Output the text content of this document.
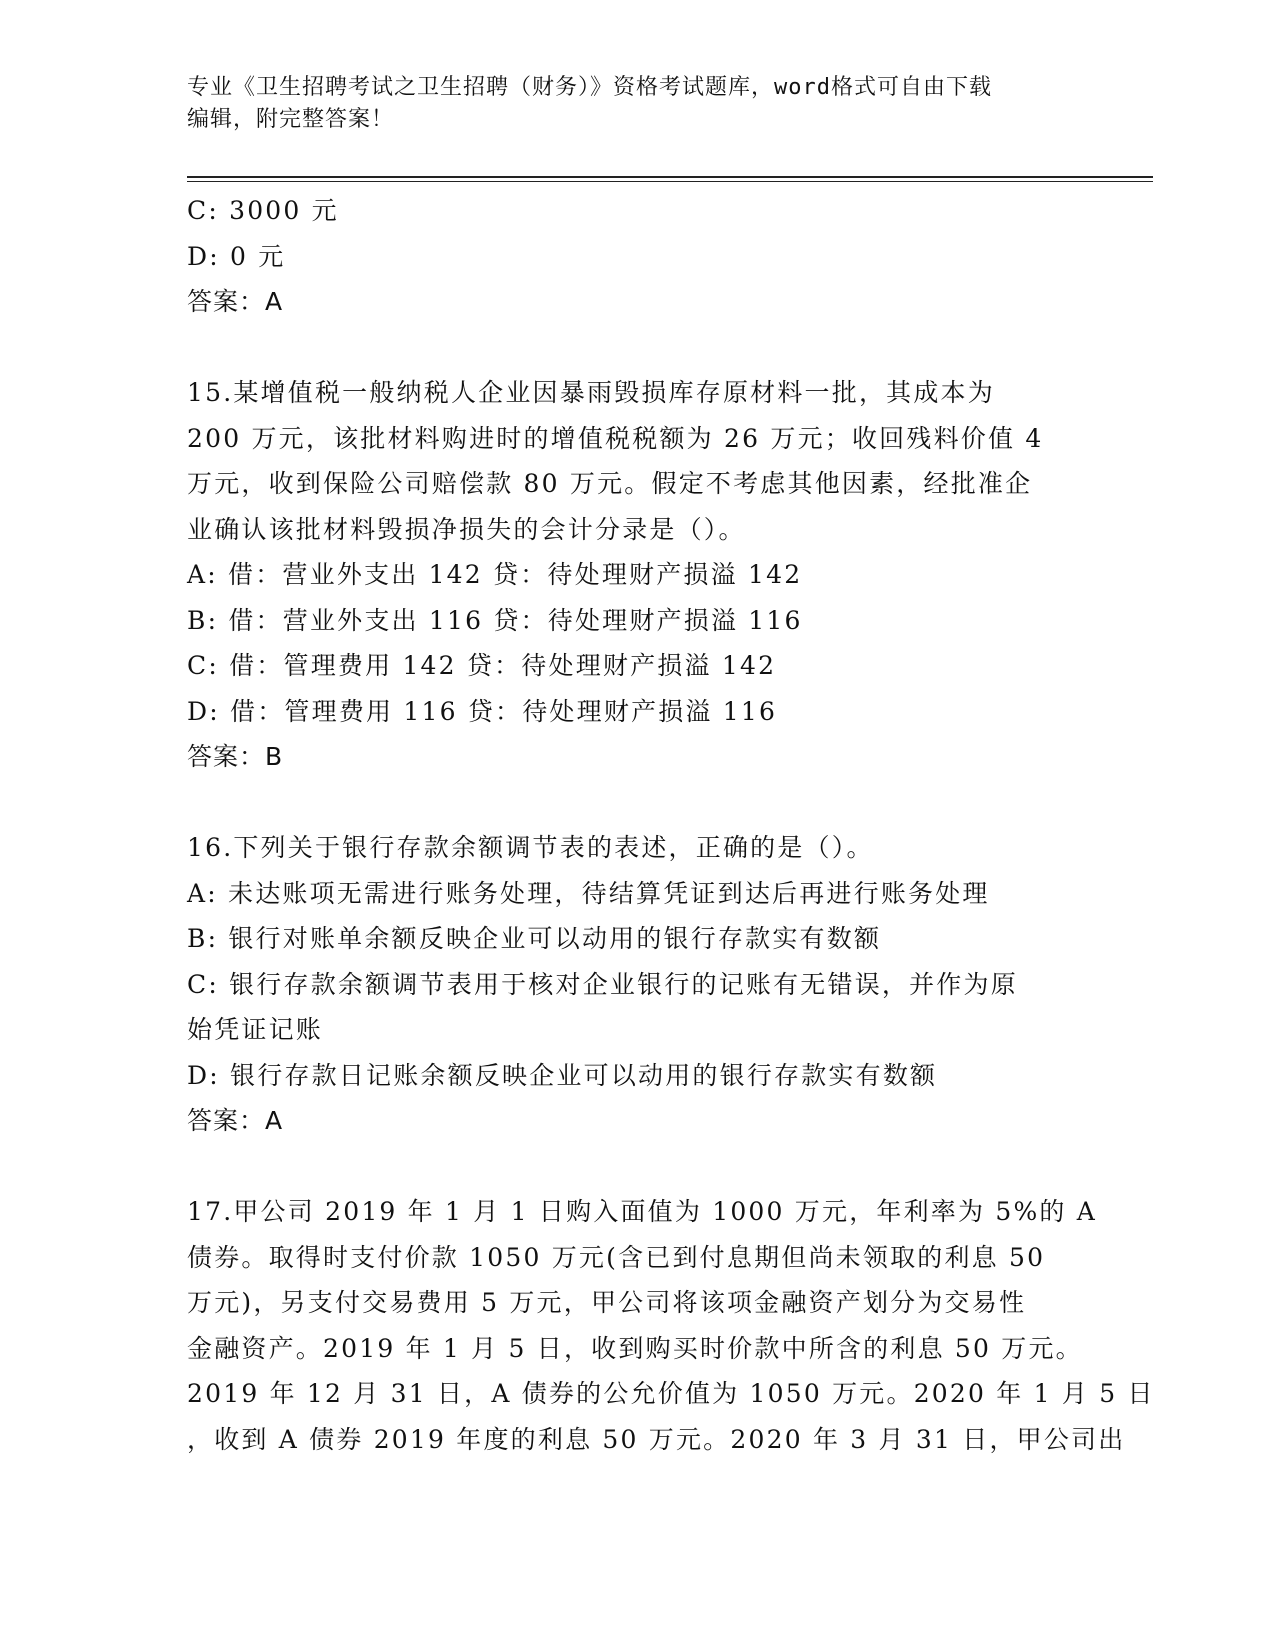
专业《卫生招聘考试之卫生招聘（财务）》资格考试题库，word格式可自由下载
编辑，附完整答案！
C: 3000 元
D: 0 元
答案：A
15.某增值税一般纳税人企业因暴雨毁损库存原材料一批，其成本为
200 万元，该批材料购进时的增值税税额为 26 万元；收回残料价值 4
万元，收到保险公司赔偿款 80 万元。假定不考虑其他因素，经批准企
业确认该批材料毁损净损失的会计分录是（）。
A: 借：营业外支出 142 贷：待处理财产损溢 142
B: 借：营业外支出 116 贷：待处理财产损溢 116
C: 借：管理费用 142 贷：待处理财产损溢 142
D: 借：管理费用 116 贷：待处理财产损溢 116
答案：B
16.下列关于银行存款余额调节表的表述，正确的是（）。
A: 未达账项无需进行账务处理，待结算凭证到达后再进行账务处理
B: 银行对账单余额反映企业可以动用的银行存款实有数额
C: 银行存款余额调节表用于核对企业银行的记账有无错误，并作为原
始凭证记账
D: 银行存款日记账余额反映企业可以动用的银行存款实有数额
答案：A
17.甲公司 2019 年 1 月 1 日购入面值为 1000 万元，年利率为 5%的 A
债券。取得时支付价款 1050 万元(含已到付息期但尚未领取的利息 50
万元)，另支付交易费用 5 万元，甲公司将该项金融资产划分为交易性
金融资产。2019 年 1 月 5 日，收到购买时价款中所含的利息 50 万元。
2019 年 12 月 31 日，A 债券的公允价值为 1050 万元。2020 年 1 月 5 日
，收到 A 债券 2019 年度的利息 50 万元。2020 年 3 月 31 日，甲公司出
